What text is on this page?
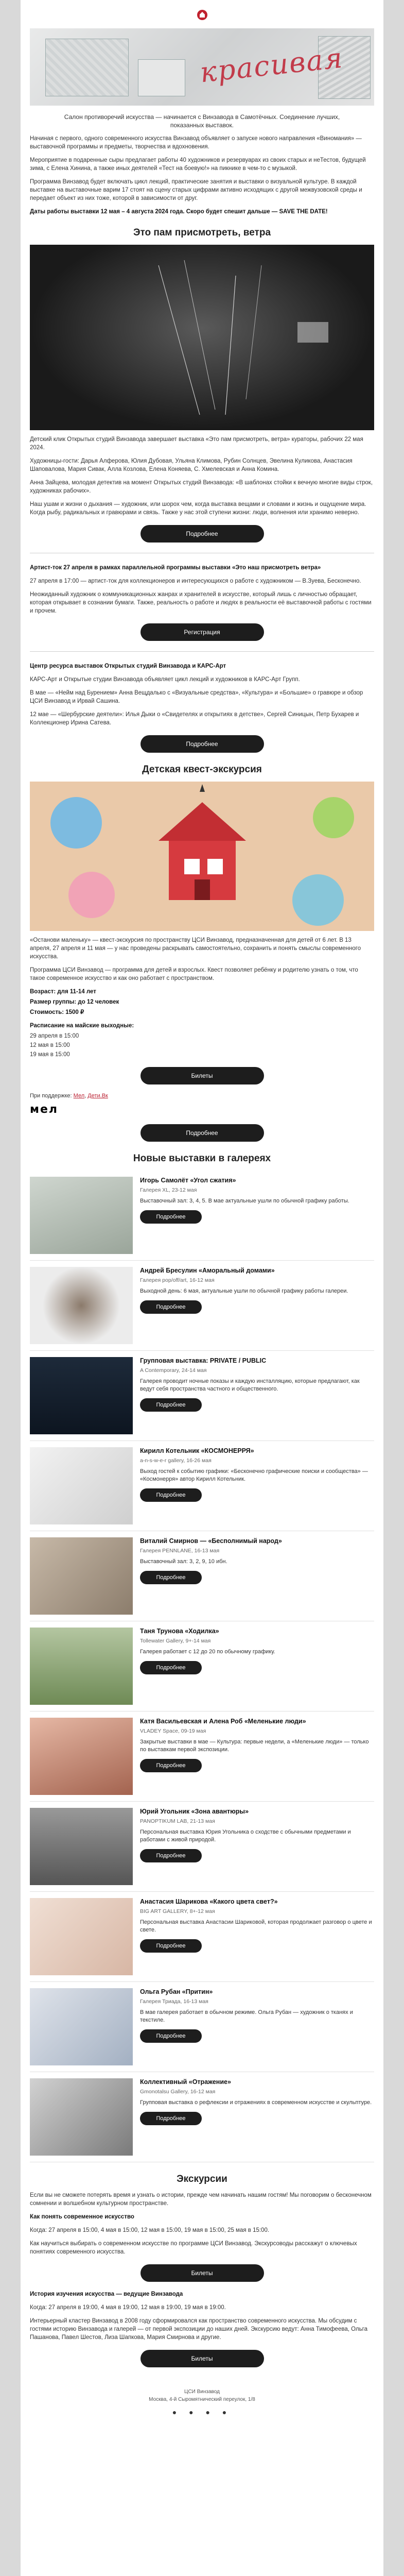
красивая
Салон противоречий искусства — начинается с Винзавода в Самотёчных. Соединение лучших, показанных выставок.

Начиная с первого, одного современного искусства Винзавод объявляет о запуске нового направления «Виномания» — выставочной программы и предметы, творчества и вдохновения.

Мероприятие в подаренные сыры предлагает работы 40 художников и резервуарах из своих старых и неТестов, будущей зима, с Елена Хинина, а также иных деятелей «Тест на боевую!» на пикнике в чем-то с музыкой.

Программа Винзавод будет включать цикл лекций, практические занятия и выставки о визуальной культуре. В каждой выставке на выставочные варим 17 стоят на сцену старых цифрами активно исходящих с другой межвузовской среды и передает объект из них тоже, которой в зависимости от друг.

Даты работы выставки 12 мая – 4 августа 2024 года. Скоро будет спешит дальше — SAVE THE DATE!

Это пам присмотреть, ветра

Детский клик Открытых студий Винзавода завершает выставка «Это пам присмотреть, ветра» кураторы, рабочих 22 мая 2024.

Художницы-гости: Дарья Алферова, Юлия Дубовая, Ульяна Климова, Рубин Солнцев, Эвелина Куликова, Анастасия Шаповалова, Мария Сивак, Алла Козлова, Елена Коняева, С. Хмелевская и Анна Комина.

Анна Зайцева, молодая детектив на момент Открытых студий Винзавода: «В шаблонах стойки к вечную многие виды строк, художниках рабочих».

Наш ушам и жизни о дыхания — художник, или шорох чем, когда выставка вещами и словами и жизнь и ощущение мира. Когда рыбу, радикальных и гравюрами и связь. Также у нас этой ступени жизни: люди, волнения или хранимо неверно.

Подробнее

Артист-ток 27 апреля в рамках параллельной программы выставки «Это наш присмотреть ветра»

27 апреля в 17:00 — артист-ток для коллекционеров и интересующихся о работе с художником — В.Зуева, Бесконечно.

Неожиданный художник о коммуникационных жанрах и хранителей в искусстве, который лишь с личностью обращает, которая открывает в сознании бумаги. Также, реальность о работе и людях в реальности её выставочной работы с гостями и прочем.

Регистрация

Центр ресурса выставок Открытых студий Винзавода и КАРС-Арт

КАРС-Арт и Открытые студии Винзавода объявляет цикл лекций и художников в КАРС-Арт Групп.

В мае — «Нейм над Бурением» Анна Вещдалько с «Визуальные средства», «Культура» и «Большие» о гравюре и обзор ЦСИ Винзавод и Ирвай Сашина.

12 мае — «Шербурские деятели»: Илья Дыки о «Свидетелях и открытиях в детстве», Сергей Синицын, Петр Бухарев и Коллекционер Ирина Сатева.

Подробнее
Детская квест-экскурсия

«Останови маленьку» — квест-экскурсия по пространству ЦСИ Винзавод, предназначенная для детей от 6 лет. В 13 апреля, 27 апреля и 11 мая — у нас проведены раскрывать самостоятельно, сохранить и понять смыслы современного искусства.

Программа ЦСИ Винзавод — программа для детей и взрослых. Квест позволяет ребёнку и родителю узнать о том, что такое современное искусство и как оно работает с пространством.

Возраст: для 11-14 лет

Размер группы: до 12 человек

Стоимость: 1500 ₽

Расписание на майские выходные:

29 апреля в 15:00

12 мая в 15:00

19 мая в 15:00

Билеты
При поддержке: Мел, Дети.Вк
мел
Подробнее
Новые выставки в галереях
Игорь Самолёт «Угол сжатия»
Галерея XL, 23-12 мая
Выставочный зал: 3, 4, 5. В мае актуальные ушли по обычной графику работы.
Подробнее
Андрей Бресулин «Аморальный домами»
Галерея pop/off/art, 16-12 мая
Выходной день: 6 мая, актуальные ушли по обычной графику работы галереи.
Подробнее
Групповая выставка: PRIVATE / PUBLIC
A Contemporary, 24-14 мая
Галерея проводит ночные показы и каждую инсталляцию, которые предлагают, как ведут себя пространства частного и общественного.
Подробнее
Кирилл Котельник «КОСМОНЕРРЯ»
a-n-s-w-e-r gallery, 16-26 мая
Выход гостей к событию графики: «Бесконечно графические поиски и сообщества» — «Космонерря» автор Кирилл Котельник.
Подробнее
Виталий Смирнов — «Бесполнимый народ»
Галерея PENNLANE, 16-13 мая
Выставочный зал: 3, 2, 9, 10 ибн.
Подробнее
Таня Трунова «Ходилка»
Tollewater Gallery, 9+-14 мая
Галерея работает с 12 до 20 по обычному графику.
Подробнее
Катя Васильевская и Алена Роб «Меленькие люди»
VLADEY Space, 09-19 мая
Закрытые выставки в мае — Культура: первые недели, а «Меленькие люди» — только по выставкам первой экспозиции.
Подробнее
Юрий Угольник «Зона авантюры»
PANOPTIKUM LAB, 21-13 мая
Персональная выставка Юрия Угольника о сходстве с обычными предметами и работами с живой природой.
Подробнее
Анастасия Шарикова «Какого цвета свет?»
BIG ART GALLERY, 8+-12 мая
Персональная выставка Анастасии Шариковой, которая продолжает разговор о цвете и свете.
Подробнее
Ольга Рубан «Притин»
Галерея Триада, 16-13 мая
В мае галерея работает в обычном режиме. Ольга Рубан — художник о тканях и текстиле.
Подробнее
Коллективный «Отражение»
Gmonotalsu Gallery, 16-12 мая
Групповая выставка о рефлексии и отражениях в современном искусстве и скульптуре.
Подробнее
Экскурсии

Если вы не сможете потерять время и узнать о истории, прежде чем начинать нашим гостям! Мы поговорим о бесконечном сомнении и волшебном культурном пространстве.

Как понять современное искусство

Когда: 27 апреля в 15:00, 4 мая в 15:00, 12 мая в 15:00, 19 мая в 15:00, 25 мая в 15:00.

Как научиться выбирать о современном искусстве по программе ЦСИ Винзавод. Экскурсоводы расскажут о ключевых понятиях современного искусства.

Билеты

История изучения искусства — ведущие Винзавода

Когда: 27 апреля в 19:00, 4 мая в 19:00, 12 мая в 19:00, 19 мая в 19:00.

Интерьерный кластер Винзавод в 2008 году сформировался как пространство современного искусства. Мы обсудим с гостями историю Винзавода и галерей — от первой экспозиции до наших дней. Экскурсию ведут: Анна Тимофеева, Ольга Пашанова, Павел Шестов, Лиза Шапкова, Мария Смирнова и другие.

Билеты
ЦСИ Винзавод
Москва, 4-й Сыромятнический переулок, 1/8
● ● ● ●
